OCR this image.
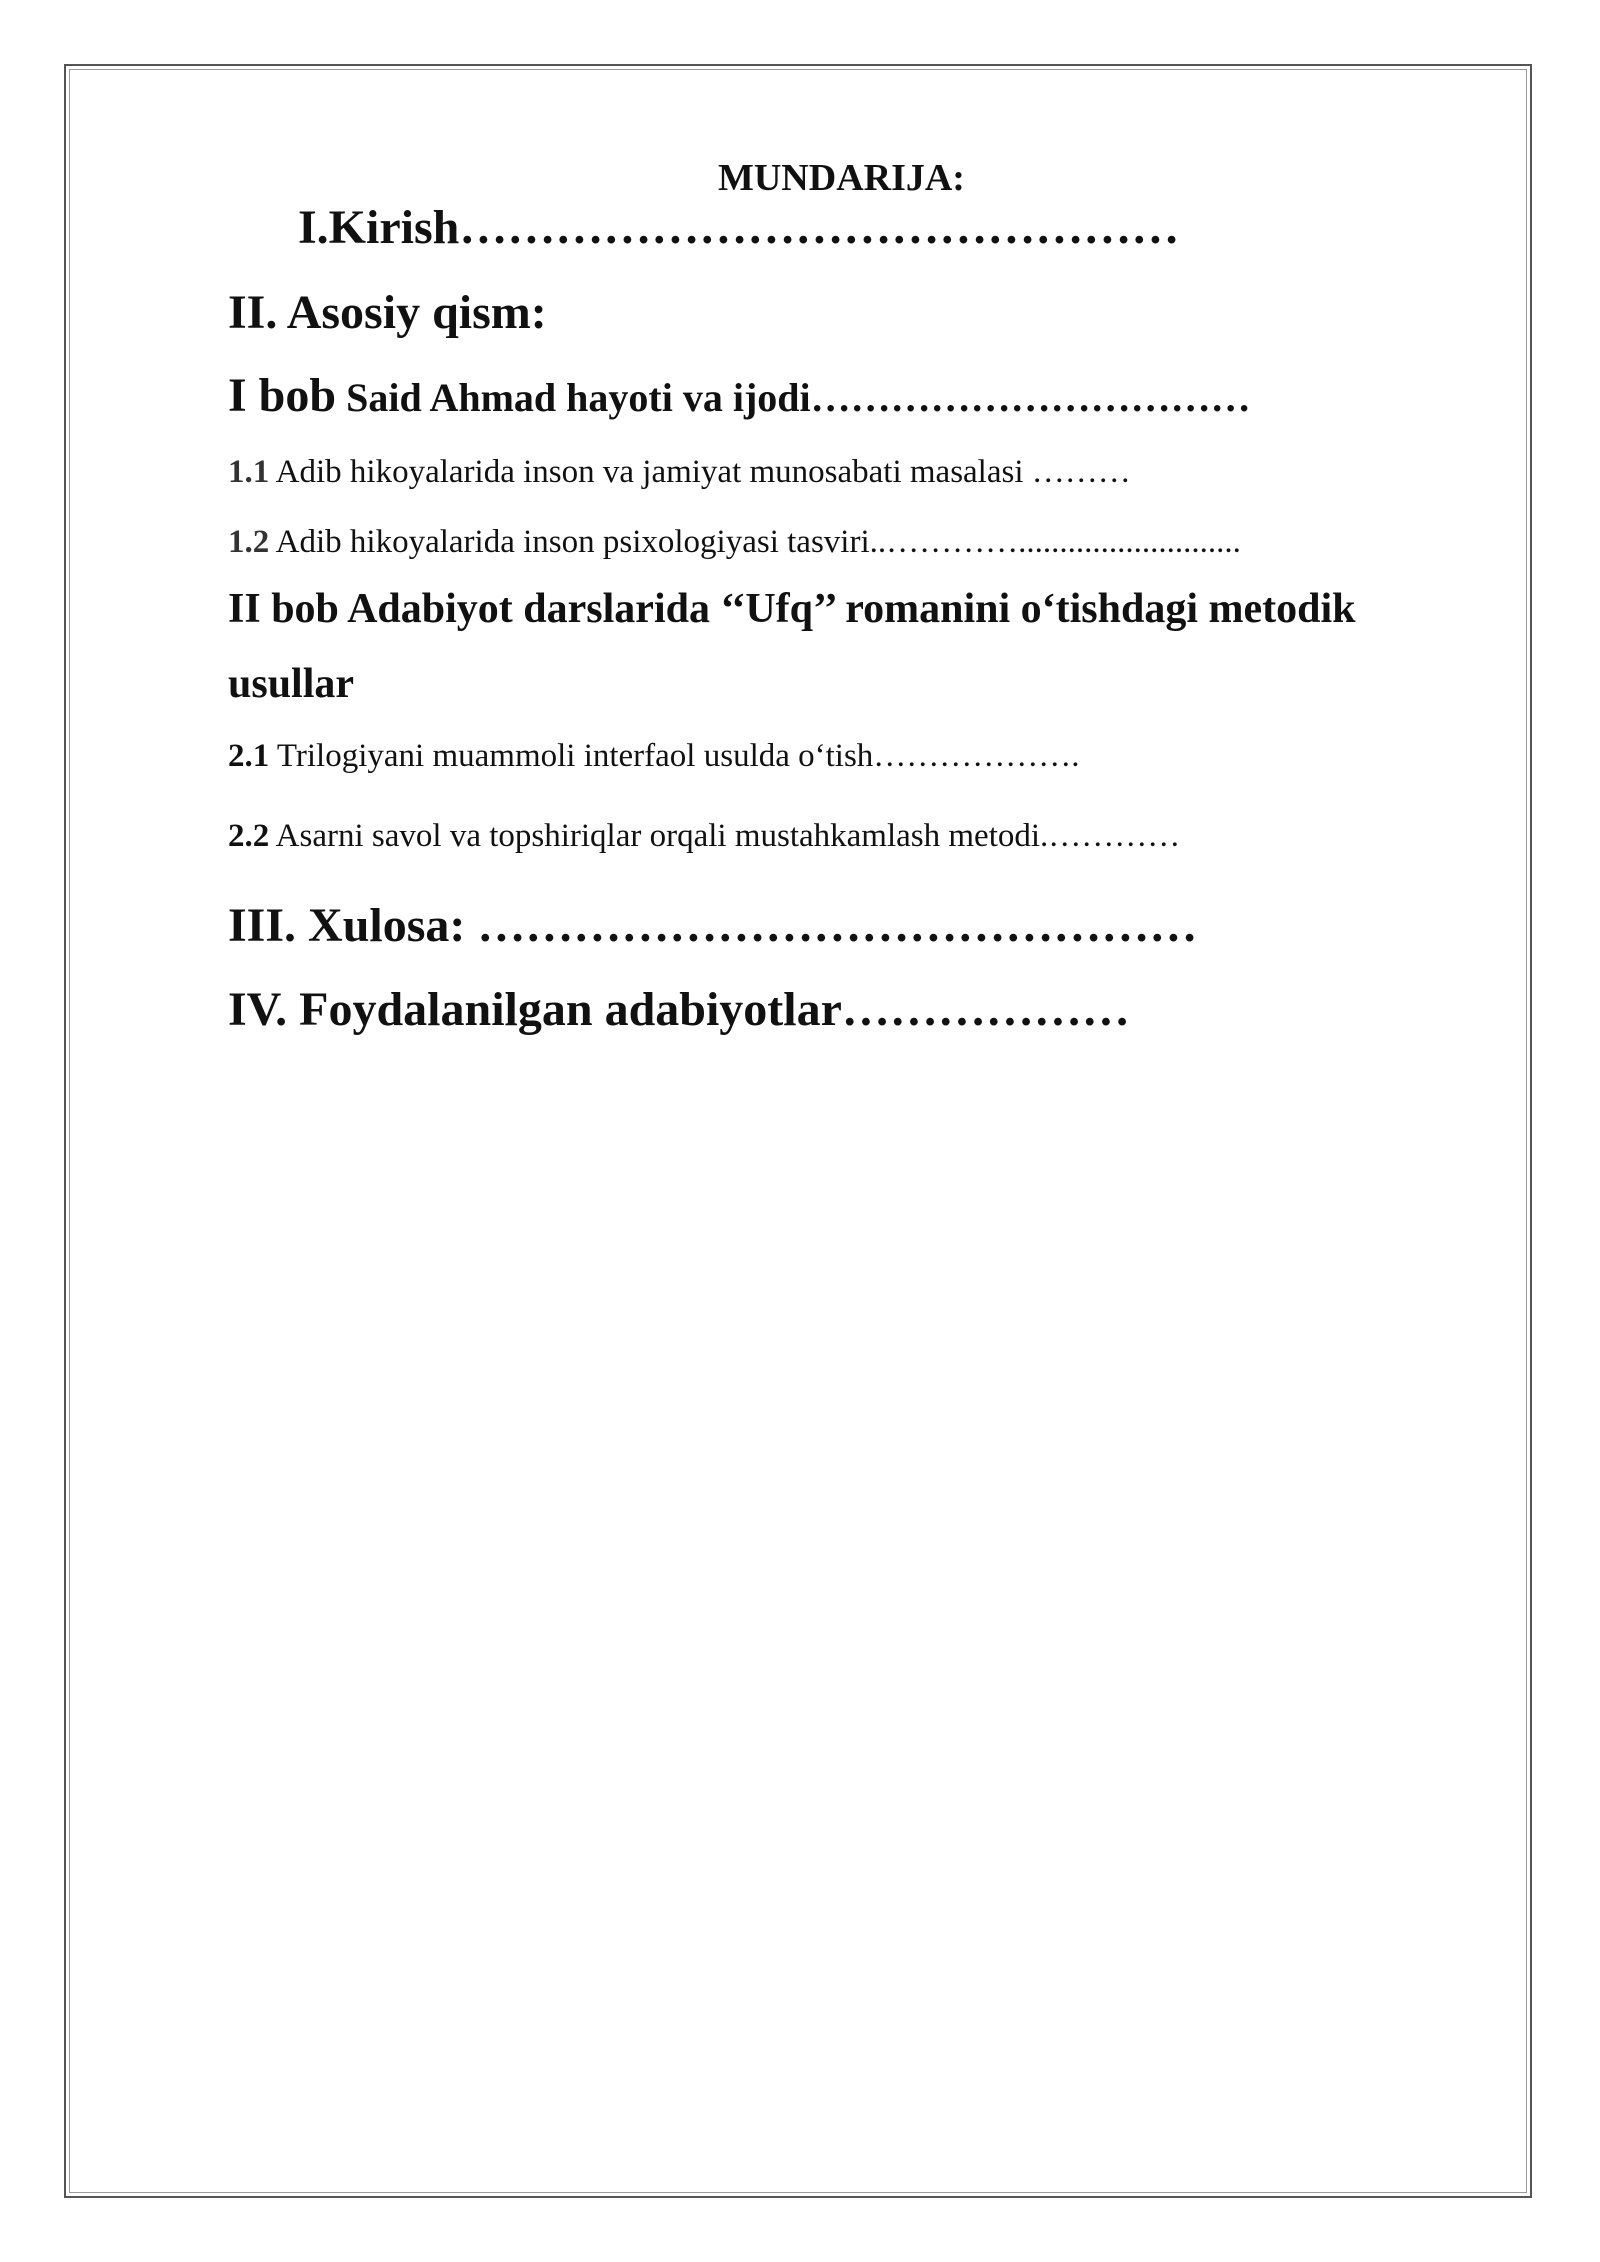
MUNDARIJA:
I.Kirish………………………………………
II. Asosiy qism:
I bob Said Ahmad hayoti va ijodi……………………………
1.1 Adib hikoyalarida inson va jamiyat munosabati masalasi ………
1.2 Adib hikoyalarida inson psixologiyasi tasviri..…………...........................
II bob Adabiyot darslarida ‘‘Ufq’’ romanini o‘tishdagi metodik
usullar
2.1 Trilogiyani muammoli interfaol usulda o‘tish……………….
2.2 Asarni savol va topshiriqlar orqali mustahkamlash metodi.…………
III. Xulosa: ………………………………………
IV. Foydalanilgan adabiyotlar………………
